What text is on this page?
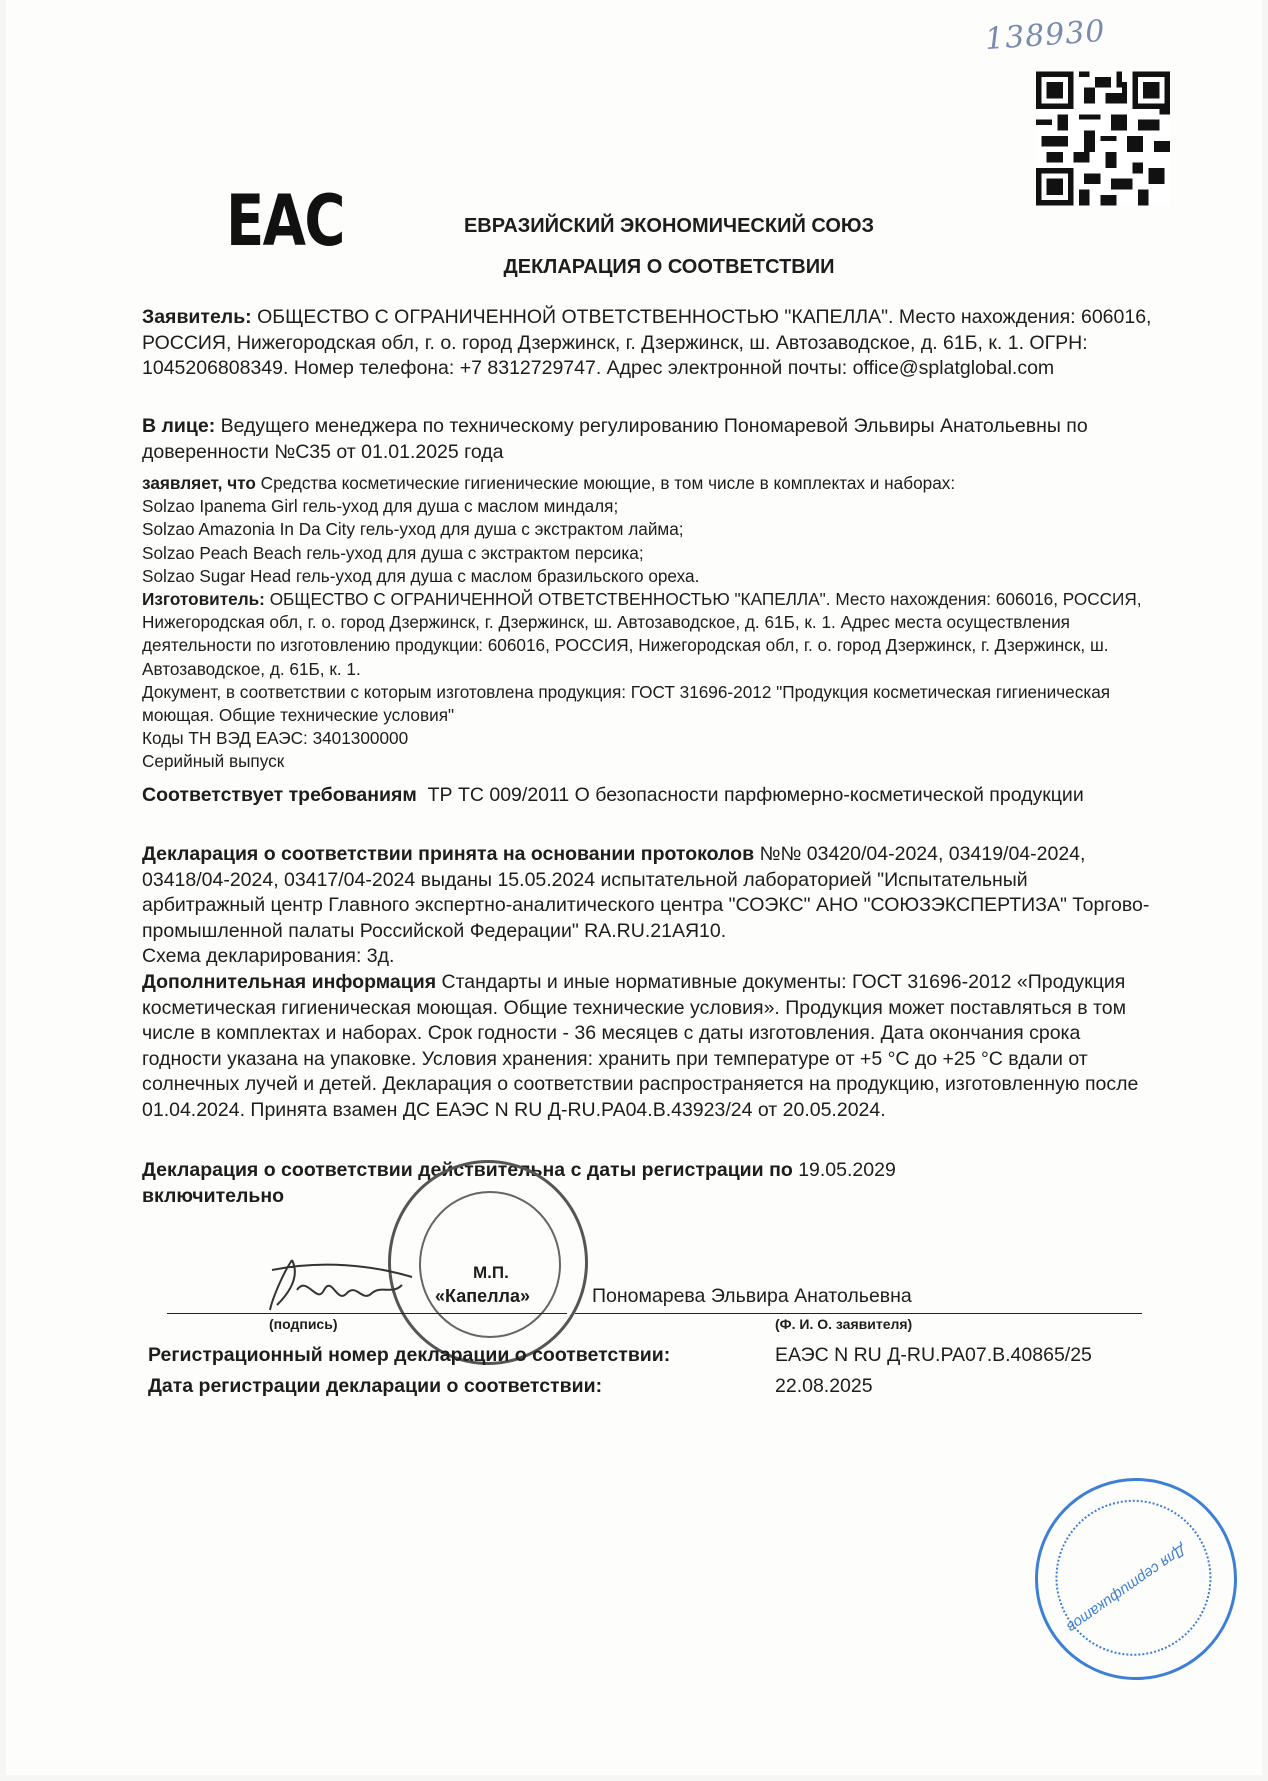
138930
EAC	ЕВРАЗИЙСКИЙ ЭКОНОМИЧЕСКИЙ СОЮЗ
ДЕКЛАРАЦИЯ О СООТВЕТСТВИИ
Заявитель: ОБЩЕСТВО С ОГРАНИЧЕННОЙ ОТВЕТСТВЕННОСТЬЮ "КАПЕЛЛА". Место нахождения: 606016, РОССИЯ, Нижегородская обл, г. о. город Дзержинск, г. Дзержинск, ш. Автозаводское, д. 61Б, к. 1. ОГРН: 1045206808349. Номер телефона: +7 8312729747. Адрес электронной почты: office@splatglobal.com
В лице: Ведущего менеджера по техническому регулированию Пономаревой Эльвиры Анатольевны по доверенности №С35 от 01.01.2025 года
заявляет, что Средства косметические гигиенические моющие, в том числе в комплектах и наборах:
Solzao Ipanema Girl гель-уход для душа с маслом миндаля;
Solzao Amazonia In Da City гель-уход для душа с экстрактом лайма;
Solzao Peach Beach гель-уход для душа с экстрактом персика;
Solzao Sugar Head гель-уход для душа с маслом бразильского ореха.
Изготовитель: ОБЩЕСТВО С ОГРАНИЧЕННОЙ ОТВЕТСТВЕННОСТЬЮ "КАПЕЛЛА". Место нахождения: 606016, РОССИЯ, Нижегородская обл, г. о. город Дзержинск, г. Дзержинск, ш. Автозаводское, д. 61Б, к. 1. Адрес места осуществления деятельности по изготовлению продукции: 606016, РОССИЯ, Нижегородская обл, г. о. город Дзержинск, г. Дзержинск, ш. Автозаводское, д. 61Б, к. 1.
Документ, в соответствии с которым изготовлена продукция: ГОСТ 31696-2012 "Продукция косметическая гигиеническая моющая. Общие технические условия"
Коды ТН ВЭД ЕАЭС: 3401300000
Серийный выпуск
Соответствует требованиям ТР ТС 009/2011 О безопасности парфюмерно-косметической продукции
Декларация о соответствии принята на основании протоколов №№ 03420/04-2024, 03419/04-2024, 03418/04-2024, 03417/04-2024 выданы 15.05.2024 испытательной лабораторией "Испытательный арбитражный центр Главного экспертно-аналитического центра "СОЭКС" АНО "СОЮЗЭКСПЕРТИЗА" Торгово-промышленной палаты Российской Федерации" RA.RU.21АЯ10.
Схема декларирования: 3д.
Дополнительная информация Стандарты и иные нормативные документы: ГОСТ 31696-2012 «Продукция косметическая гигиеническая моющая. Общие технические условия». Продукция может поставляться в том числе в комплектах и наборах. Срок годности - 36 месяцев с даты изготовления. Дата окончания срока годности указана на упаковке. Условия хранения: хранить при температуре от +5 °С до +25 °С вдали от солнечных лучей и детей. Декларация о соответствии распространяется на продукцию, изготовленную после 01.04.2024. Принята взамен ДС ЕАЭС N RU Д-RU.PA04.B.43923/24 от 20.05.2024.
Декларация о соответствии действительна с даты регистрации по 19.05.2029
включительно
М.П.
«Капелла»	Пономарева Эльвира Анатольевна
(подпись)	(Ф. И. О. заявителя)
Регистрационный номер декларации о соответствии:	ЕАЭС N RU Д-RU.PA07.B.40865/25
Дата регистрации декларации о соответствии:	22.08.2025
Для сертификатов
